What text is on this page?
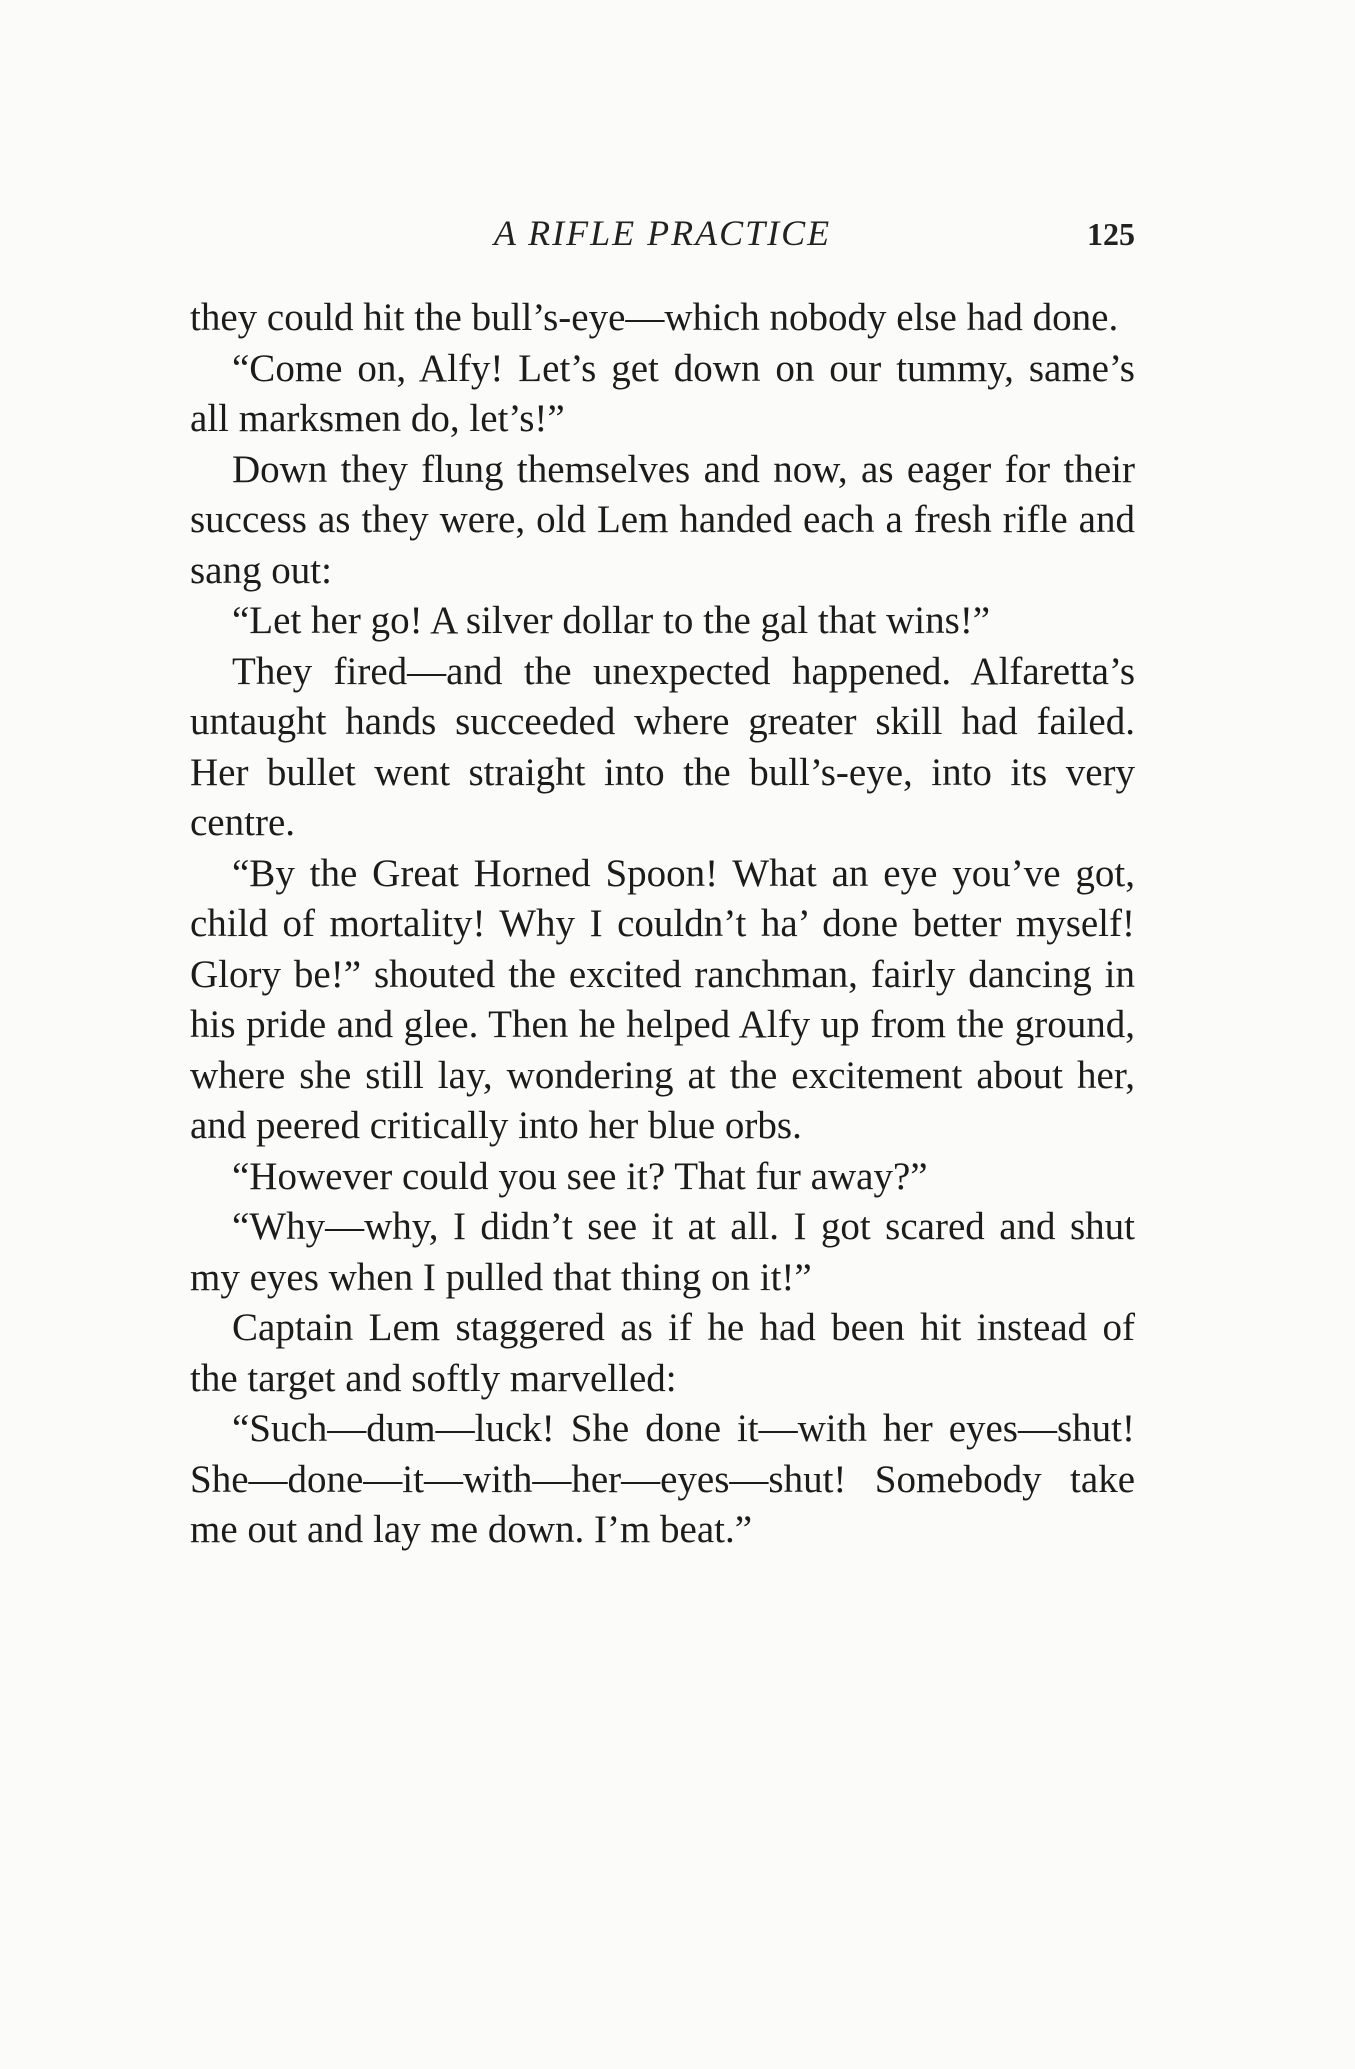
A RIFLE PRACTICE	125

they could hit the bull’s-eye—which nobody else had done.

“Come on, Alfy! Let’s get down on our tummy, same’s all marksmen do, let’s!”

Down they flung themselves and now, as eager for their success as they were, old Lem handed each a fresh rifle and sang out:

“Let her go! A silver dollar to the gal that wins!”

They fired—and the unexpected happened. Alfaretta’s untaught hands succeeded where greater skill had failed. Her bullet went straight into the bull’s-eye, into its very centre.

“By the Great Horned Spoon! What an eye you’ve got, child of mortality! Why I couldn’t ha’ done better myself! Glory be!” shouted the excited ranchman, fairly dancing in his pride and glee. Then he helped Alfy up from the ground, where she still lay, wondering at the excitement about her, and peered critically into her blue orbs.

“However could you see it? That fur away?”

“Why—why, I didn’t see it at all. I got scared and shut my eyes when I pulled that thing on it!”

Captain Lem staggered as if he had been hit instead of the target and softly marvelled:

“Such—dum—luck! She done it—with her eyes—shut! She—done—it—with—her—eyes—shut! Somebody take me out and lay me down. I’m beat.”
